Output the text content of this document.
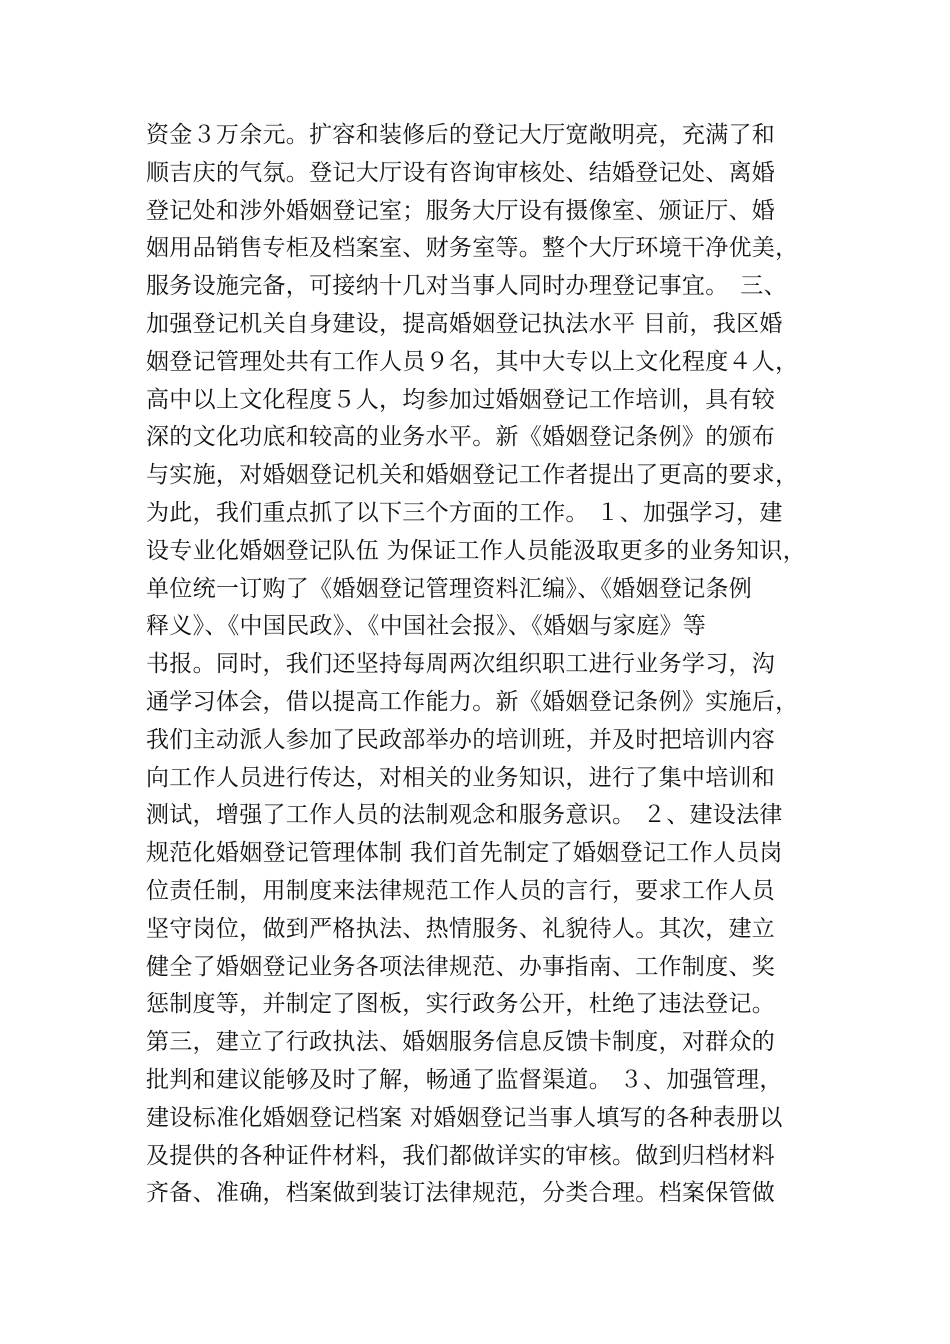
资金３万余元。扩容和装修后的登记大厅宽敞明亮，充满了和
顺吉庆的气氛。登记大厅设有咨询审核处、结婚登记处、离婚
登记处和涉外婚姻登记室；服务大厅设有摄像室、颁证厅、婚
姻用品销售专柜及档案室、财务室等。整个大厅环境干净优美，
服务设施完备，可接纳十几对当事人同时办理登记事宜。　三、
加强登记机关自身建设，提高婚姻登记执法水平 目前，我区婚
姻登记管理处共有工作人员９名，其中大专以上文化程度４人，
高中以上文化程度５人，均参加过婚姻登记工作培训，具有较
深的文化功底和较高的业务水平。新《婚姻登记条例》的颁布
与实施，对婚姻登记机关和婚姻登记工作者提出了更高的要求，
为此，我们重点抓了以下三个方面的工作。 １、加强学习，建
设专业化婚姻登记队伍 为保证工作人员能汲取更多的业务知识，
单位统一订购了《婚姻登记管理资料汇编》、《婚姻登记条例
释义》、《中国民政》、《中国社会报》、《婚姻与家庭》等
书报。同时，我们还坚持每周两次组织职工进行业务学习，沟
通学习体会，借以提高工作能力。新《婚姻登记条例》实施后，
我们主动派人参加了民政部举办的培训班，并及时把培训内容
向工作人员进行传达，对相关的业务知识，进行了集中培训和
测试，增强了工作人员的法制观念和服务意识。 ２、建设法律
规范化婚姻登记管理体制 我们首先制定了婚姻登记工作人员岗
位责任制，用制度来法律规范工作人员的言行，要求工作人员
坚守岗位，做到严格执法、热情服务、礼貌待人。其次，建立
健全了婚姻登记业务各项法律规范、办事指南、工作制度、奖
惩制度等，并制定了图板，实行政务公开，杜绝了违法登记。
第三，建立了行政执法、婚姻服务信息反馈卡制度，对群众的
批判和建议能够及时了解，畅通了监督渠道。 ３、加强管理，
建设标准化婚姻登记档案 对婚姻登记当事人填写的各种表册以
及提供的各种证件材料，我们都做详实的审核。做到归档材料
齐备、准确，档案做到装订法律规范，分类合理。档案保管做
